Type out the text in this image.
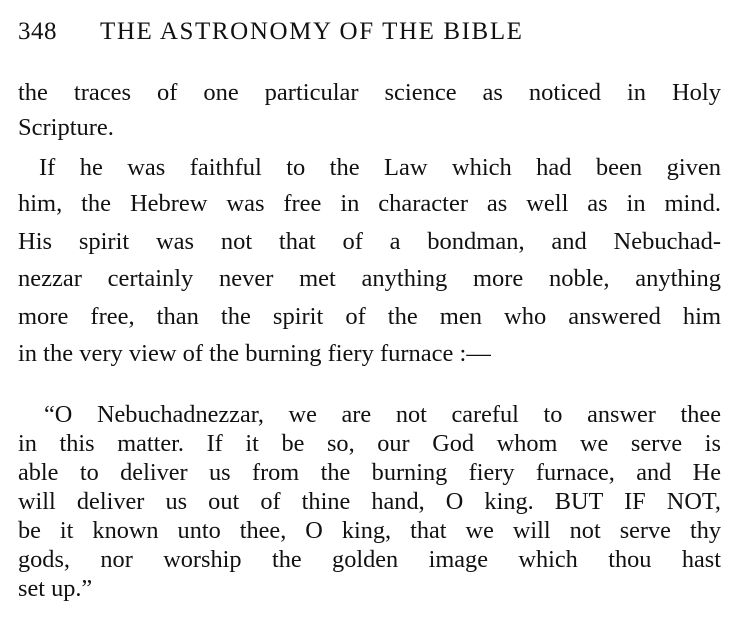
348 THE ASTRONOMY OF THE BIBLE
the traces of one particular science as noticed in Holy
Scripture.
If he was faithful to the Law which had been given
him, the Hebrew was free in character as well as in mind.
His spirit was not that of a bondman, and Nebuchad-
nezzar certainly never met anything more noble, anything
more free, than the spirit of the men who answered him
in the very view of the burning fiery furnace :—
“O Nebuchadnezzar, we are not careful to answer thee
in this matter. If it be so, our God whom we serve is
able to deliver us from the burning fiery furnace, and He
will deliver us out of thine hand, O king. BUT IF NOT,
be it known unto thee, O king, that we will not serve thy
gods, nor worship the golden image which thou hast
set up.”
